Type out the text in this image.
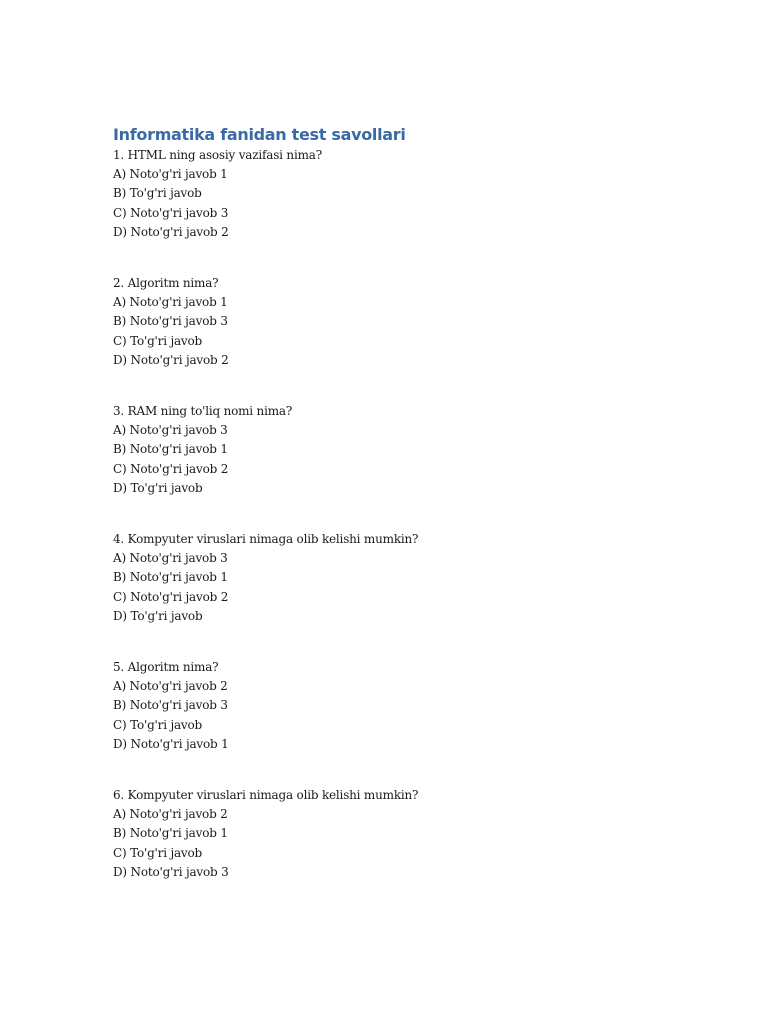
Informatika fanidan test savollari
1. HTML ning asosiy vazifasi nima?
A) Noto'g'ri javob 1
B) To'g'ri javob
C) Noto'g'ri javob 3
D) Noto'g'ri javob 2
2. Algoritm nima?
A) Noto'g'ri javob 1
B) Noto'g'ri javob 3
C) To'g'ri javob
D) Noto'g'ri javob 2
3. RAM ning to'liq nomi nima?
A) Noto'g'ri javob 3
B) Noto'g'ri javob 1
C) Noto'g'ri javob 2
D) To'g'ri javob
4. Kompyuter viruslari nimaga olib kelishi mumkin?
A) Noto'g'ri javob 3
B) Noto'g'ri javob 1
C) Noto'g'ri javob 2
D) To'g'ri javob
5. Algoritm nima?
A) Noto'g'ri javob 2
B) Noto'g'ri javob 3
C) To'g'ri javob
D) Noto'g'ri javob 1
6. Kompyuter viruslari nimaga olib kelishi mumkin?
A) Noto'g'ri javob 2
B) Noto'g'ri javob 1
C) To'g'ri javob
D) Noto'g'ri javob 3
